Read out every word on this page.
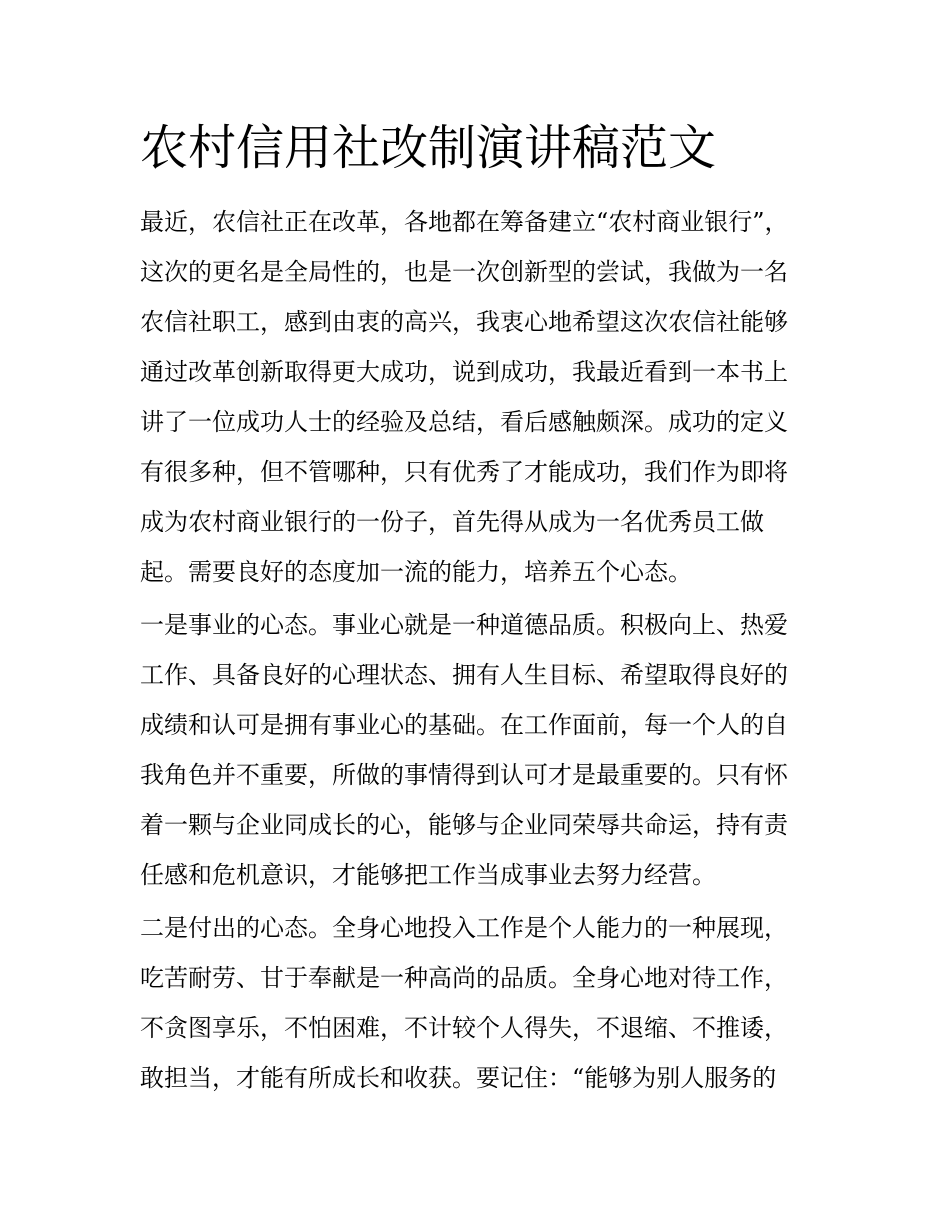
农村信用社改制演讲稿范文

最近，农信社正在改革，各地都在筹备建立“农村商业银行”，

这次的更名是全局性的，也是一次创新型的尝试，我做为一名

农信社职工，感到由衷的高兴，我衷心地希望这次农信社能够

通过改革创新取得更大成功，说到成功，我最近看到一本书上

讲了一位成功人士的经验及总结，看后感触颇深。成功的定义

有很多种，但不管哪种，只有优秀了才能成功，我们作为即将

成为农村商业银行的一份子，首先得从成为一名优秀员工做

起。需要良好的态度加一流的能力，培养五个心态。

一是事业的心态。事业心就是一种道德品质。积极向上、热爱

工作、具备良好的心理状态、拥有人生目标、希望取得良好的

成绩和认可是拥有事业心的基础。在工作面前，每一个人的自

我角色并不重要，所做的事情得到认可才是最重要的。只有怀

着一颗与企业同成长的心，能够与企业同荣辱共命运，持有责

任感和危机意识，才能够把工作当成事业去努力经营。

二是付出的心态。全身心地投入工作是个人能力的一种展现，

吃苦耐劳、甘于奉献是一种高尚的品质。全身心地对待工作，

不贪图享乐，不怕困难，不计较个人得失，不退缩、不推诿，

敢担当，才能有所成长和收获。要记住：“能够为别人服务的
